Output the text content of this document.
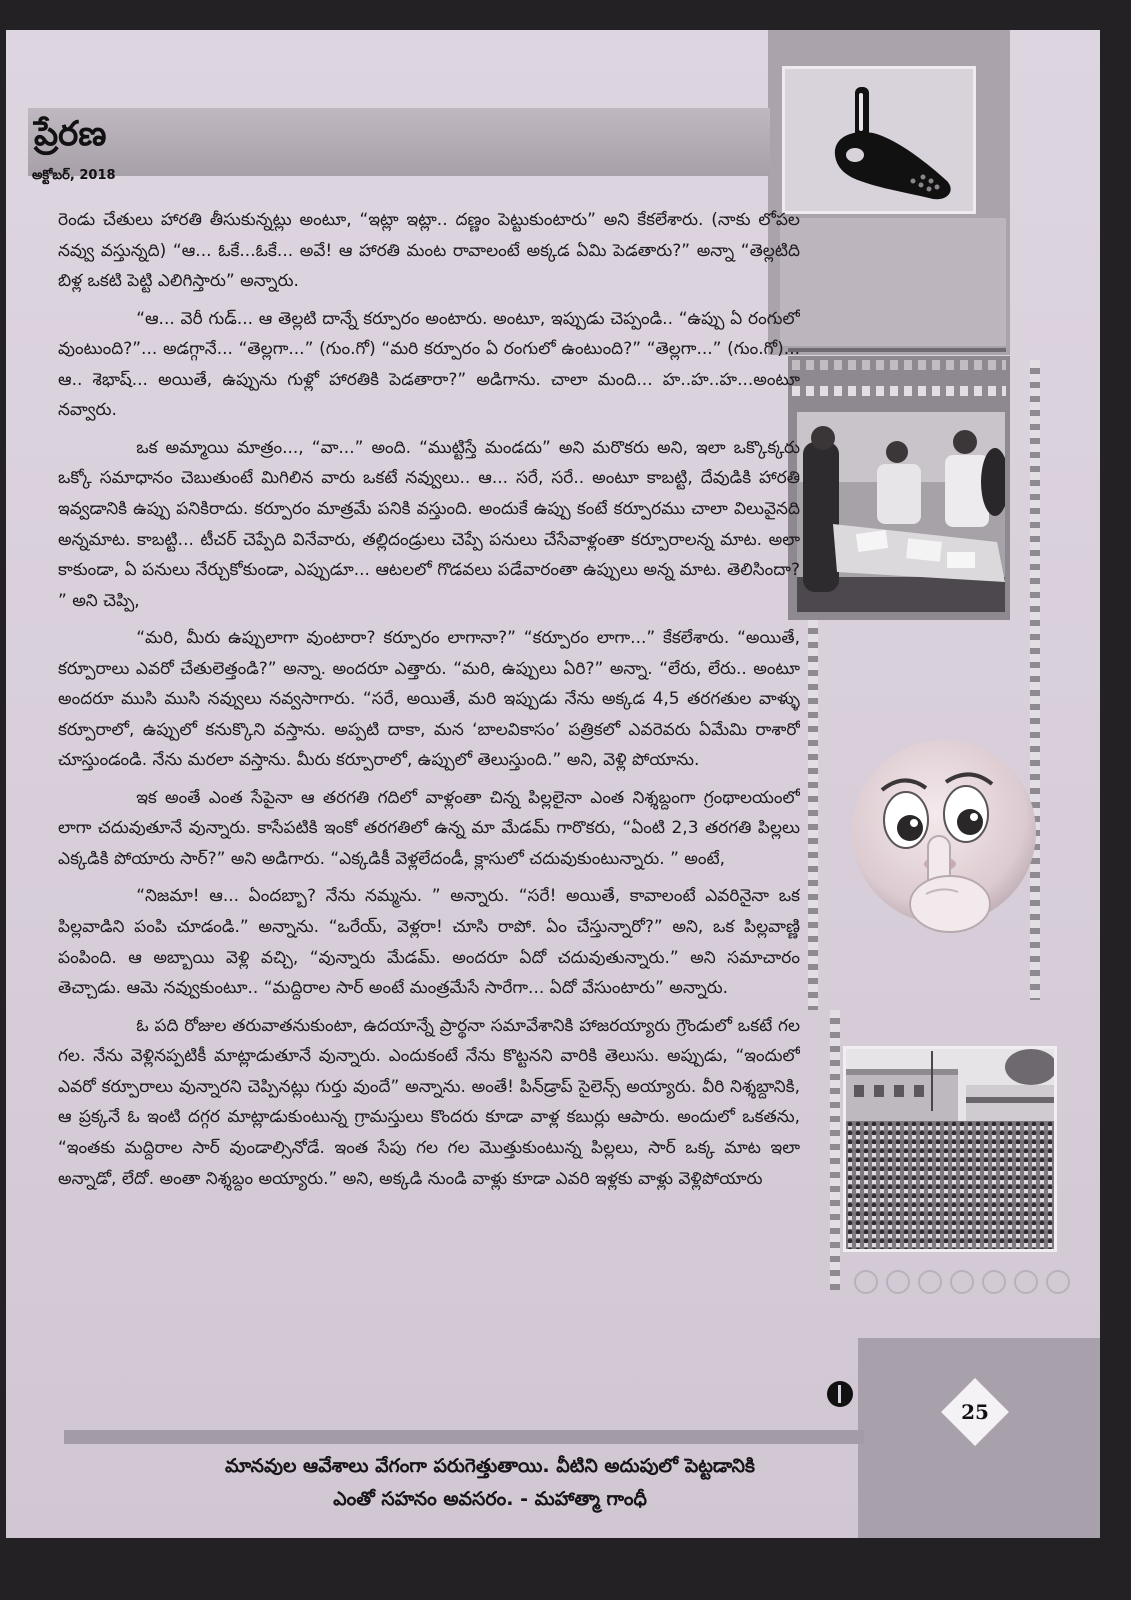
25
ప్రేరణ
అక్టోబర్, 2018

రెండు చేతులు హారతి తీసుకున్నట్లు అంటూ, “ఇట్లా ఇట్లా.. దణ్ణం పెట్టుకుంటారు” అని కేకలేశారు. (నాకు లోపల నవ్వు వస్తున్నది) “ఆ... ఓకే...ఓకే... అవే! ఆ హారతి మంట రావాలంటే అక్కడ ఏమి పెడతారు?” అన్నా “తెల్లటిది బిళ్ల ఒకటి పెట్టి ఎలిగిస్తారు” అన్నారు.

“ఆ... వెరీ గుడ్... ఆ తెల్లటి దాన్నే కర్పూరం అంటారు. అంటూ, ఇప్పుడు చెప్పండి.. “ఉప్పు ఏ రంగులో వుంటుంది?”... అడగ్గానే... “తెల్లగా...” (గుం.గో) “మరి కర్పూరం ఏ రంగులో ఉంటుంది?” “తెల్లగా...” (గుం.గో)... ఆ.. శెభాష్... అయితే, ఉప్పును గుళ్లో హారతికి పెడతారా?” అడిగాను. చాలా మంది... హ..హ..హ...అంటూ నవ్వారు.

ఒక అమ్మాయి మాత్రం..., “వా...” అంది. “ముట్టిస్తే మండదు” అని మరొకరు అని, ఇలా ఒక్కొక్కరు ఒక్కో సమాధానం చెబుతుంటే మిగిలిన వారు ఒకటే నవ్వులు.. ఆ... సరే, సరే.. అంటూ కాబట్టి, దేవుడికి హారతి ఇవ్వడానికి ఉప్పు పనికిరాదు. కర్పూరం మాత్రమే పనికి వస్తుంది. అందుకే ఉప్పు కంటే కర్పూరము చాలా విలువైనది అన్నమాట. కాబట్టి... టీచర్ చెప్పేది వినేవారు, తల్లిదండ్రులు చెప్పే పనులు చేసేవాళ్లంతా కర్పూరాలన్న మాట. అలా కాకుండా, ఏ పనులు నేర్చుకోకుండా, ఎప్పుడూ... ఆటలలో గొడవలు పడేవారంతా ఉప్పులు అన్న మాట. తెలిసిందా? ” అని చెప్పి,

“మరి, మీరు ఉప్పులాగా వుంటారా? కర్పూరం లాగానా?” “కర్పూరం లాగా...” కేకలేశారు. “అయితే, కర్పూరాలు ఎవరో చేతులెత్తండి?” అన్నా. అందరూ ఎత్తారు. “మరి, ఉప్పులు ఏరి?” అన్నా. “లేరు, లేరు.. అంటూ అందరూ ముసి ముసి నవ్వులు నవ్వసాగారు. “సరే, అయితే, మరి ఇప్పుడు నేను అక్కడ 4,5 తరగతుల వాళ్ళు కర్పూరాలో, ఉప్పులో కనుక్కొని వస్తాను. అప్పటి దాకా, మన ‘బాలవికాసం’ పత్రికలో ఎవరెవరు ఏమేమి రాశారో చూస్తుండండి. నేను మరలా వస్తాను. మీరు కర్పూరాలో, ఉప్పులో తెలుస్తుంది.” అని, వెళ్లి పోయాను.

ఇక అంతే ఎంత సేపైనా ఆ తరగతి గదిలో వాళ్లంతా చిన్న పిల్లలైనా ఎంత నిశ్శబ్దంగా గ్రంథాలయంలో లాగా చదువుతూనే వున్నారు. కాసేపటికి ఇంకో తరగతిలో ఉన్న మా మేడమ్ గారొకరు, “ఏంటి 2,3 తరగతి పిల్లలు ఎక్కడికి పోయారు సార్?” అని అడిగారు. “ఎక్కడికీ వెళ్లలేదండీ, క్లాసులో చదువుకుంటున్నారు. ” అంటే,

“నిజమా! ఆ... ఏందబ్బా? నేను నమ్మను. ” అన్నారు. “సరే! అయితే, కావాలంటే ఎవరినైనా ఒక పిల్లవాడిని పంపి చూడండి.” అన్నాను. “ఒరేయ్, వెళ్లరా! చూసి రాపో. ఏం చేస్తున్నారో?” అని, ఒక పిల్లవాణ్ణి పంపింది. ఆ అబ్బాయి వెళ్లి వచ్చి, “వున్నారు మేడమ్. అందరూ ఏదో చదువుతున్నారు.” అని సమాచారం తెచ్చాడు. ఆమె నవ్వుకుంటూ.. “మద్దిరాల సార్ అంటే మంత్రమేసే సారేగా... ఏదో వేసుంటారు” అన్నారు.

ఓ పది రోజుల తరువాతనుకుంటా, ఉదయాన్నే ప్రార్థనా సమావేశానికి హాజరయ్యారు గ్రౌండులో ఒకటే గల గల. నేను వెళ్లినప్పటికీ మాట్లాడుతూనే వున్నారు. ఎందుకంటే నేను కొట్టనని వారికి తెలుసు. అప్పుడు, “ఇందులో ఎవరో కర్పూరాలు వున్నారని చెప్పినట్లు గుర్తు వుందే” అన్నాను. అంతే! పిన్‌డ్రాప్ సైలెన్స్ అయ్యారు. వీరి నిశ్శబ్దానికి, ఆ ప్రక్కనే ఓ ఇంటి దగ్గర మాట్లాడుకుంటున్న గ్రామస్తులు కొందరు కూడా వాళ్ల కబుర్లు ఆపారు. అందులో ఒకతను, “ఇంతకు మద్దిరాల సార్ వుండాల్సినోడే. ఇంత సేపు గల గల మొత్తుకుంటున్న పిల్లలు, సార్ ఒక్క మాట ఇలా అన్నాడో, లేదో. అంతా నిశ్శబ్దం అయ్యారు.” అని, అక్కడి నుండి వాళ్లు కూడా ఎవరి ఇళ్లకు వాళ్లు వెళ్లిపోయారు

మానవుల ఆవేశాలు వేగంగా పరుగెత్తుతాయి. వీటిని అదుపులో పెట్టడానికి
ఎంతో సహనం అవసరం. - మహాత్మా గాంధీ
